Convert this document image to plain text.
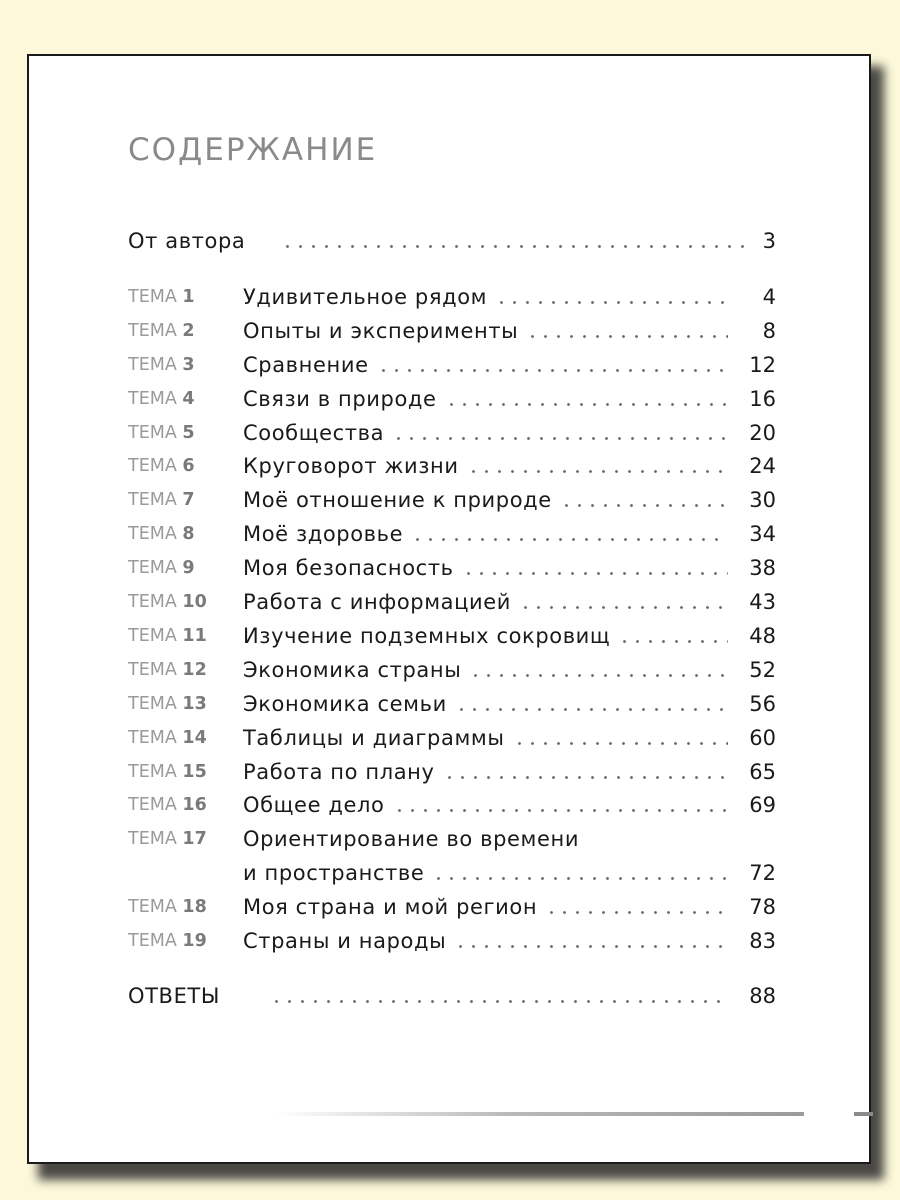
СОДЕРЖАНИЕ
От автора	3
ТЕМА 1	Удивительное рядом	4
ТЕМА 2	Опыты и эксперименты	8
ТЕМА 3	Сравнение	12
ТЕМА 4	Связи в природе	16
ТЕМА 5	Сообщества	20
ТЕМА 6	Круговорот жизни	24
ТЕМА 7	Моё отношение к природе	30
ТЕМА 8	Моё здоровье	34
ТЕМА 9	Моя безопасность	38
ТЕМА 10	Работа с информацией	43
ТЕМА 11	Изучение подземных сокровищ	48
ТЕМА 12	Экономика страны	52
ТЕМА 13	Экономика семьи	56
ТЕМА 14	Таблицы и диаграммы	60
ТЕМА 15	Работа по плану	65
ТЕМА 16	Общее дело	69
ТЕМА 17	Ориентирование во времени
и пространстве	72
ТЕМА 18	Моя страна и мой регион	78
ТЕМА 19	Страны и народы	83
ОТВЕТЫ	88
